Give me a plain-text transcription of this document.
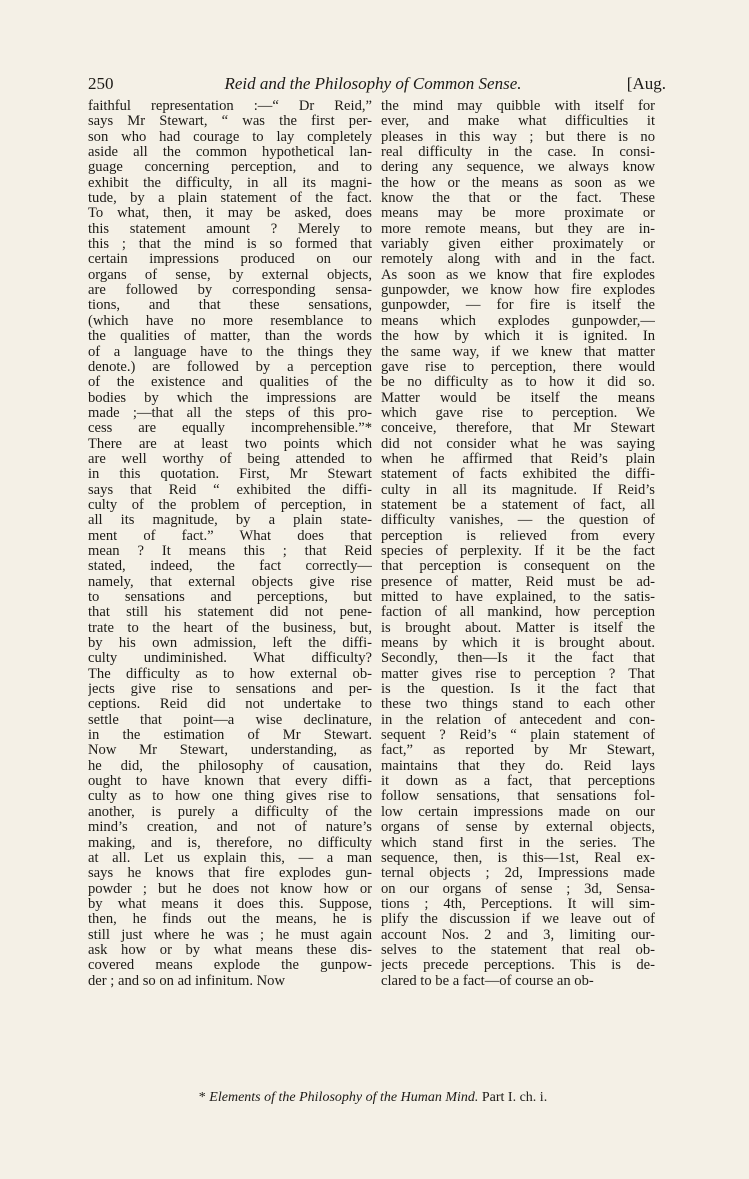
250	Reid and the Philosophy of Common Sense.	[Aug.
faithful representation :—“ Dr Reid,”
says Mr Stewart, “ was the first per-
son who had courage to lay completely
aside all the common hypothetical lan-
guage concerning perception, and to
exhibit the difficulty, in all its magni-
tude, by a plain statement of the fact.
To what, then, it may be asked, does
this statement amount ? Merely to
this ; that the mind is so formed that
certain impressions produced on our
organs of sense, by external objects,
are followed by corresponding sensa-
tions, and that these sensations,
(which have no more resemblance to
the qualities of matter, than the words
of a language have to the things they
denote.) are followed by a perception
of the existence and qualities of the
bodies by which the impressions are
made ;—that all the steps of this pro-
cess are equally incomprehensible.”*
There are at least two points which
are well worthy of being attended to
in this quotation. First, Mr Stewart
says that Reid “ exhibited the diffi-
culty of the problem of perception, in
all its magnitude, by a plain state-
ment of fact.” What does that
mean ? It means this ; that Reid
stated, indeed, the fact correctly—
namely, that external objects give rise
to sensations and perceptions, but
that still his statement did not pene-
trate to the heart of the business, but,
by his own admission, left the diffi-
culty undiminished. What difficulty?
The difficulty as to how external ob-
jects give rise to sensations and per-
ceptions. Reid did not undertake to
settle that point—a wise declinature,
in the estimation of Mr Stewart.
Now Mr Stewart, understanding, as
he did, the philosophy of causation,
ought to have known that every diffi-
culty as to how one thing gives rise to
another, is purely a difficulty of the
mind’s creation, and not of nature’s
making, and is, therefore, no difficulty
at all. Let us explain this, — a man
says he knows that fire explodes gun-
powder ; but he does not know how or
by what means it does this. Suppose,
then, he finds out the means, he is
still just where he was ; he must again
ask how or by what means these dis-
covered means explode the gunpow-
der ; and so on ad infinitum. Now
the mind may quibble with itself for
ever, and make what difficulties it
pleases in this way ; but there is no
real difficulty in the case. In consi-
dering any sequence, we always know
the how or the means as soon as we
know the that or the fact. These
means may be more proximate or
more remote means, but they are in-
variably given either proximately or
remotely along with and in the fact.
As soon as we know that fire explodes
gunpowder, we know how fire explodes
gunpowder, — for fire is itself the
means which explodes gunpowder,—
the how by which it is ignited. In
the same way, if we knew that matter
gave rise to perception, there would
be no difficulty as to how it did so.
Matter would be itself the means
which gave rise to perception. We
conceive, therefore, that Mr Stewart
did not consider what he was saying
when he affirmed that Reid’s plain
statement of facts exhibited the diffi-
culty in all its magnitude. If Reid’s
statement be a statement of fact, all
difficulty vanishes, — the question of
perception is relieved from every
species of perplexity. If it be the fact
that perception is consequent on the
presence of matter, Reid must be ad-
mitted to have explained, to the satis-
faction of all mankind, how perception
is brought about. Matter is itself the
means by which it is brought about.
Secondly, then—Is it the fact that
matter gives rise to perception ? That
is the question. Is it the fact that
these two things stand to each other
in the relation of antecedent and con-
sequent ? Reid’s “ plain statement of
fact,” as reported by Mr Stewart,
maintains that they do. Reid lays
it down as a fact, that perceptions
follow sensations, that sensations fol-
low certain impressions made on our
organs of sense by external objects,
which stand first in the series. The
sequence, then, is this—1st, Real ex-
ternal objects ; 2d, Impressions made
on our organs of sense ; 3d, Sensa-
tions ; 4th, Perceptions. It will sim-
plify the discussion if we leave out of
account Nos. 2 and 3, limiting our-
selves to the statement that real ob-
jects precede perceptions. This is de-
clared to be a fact—of course an ob-
* Elements of the Philosophy of the Human Mind. Part I. ch. i.
